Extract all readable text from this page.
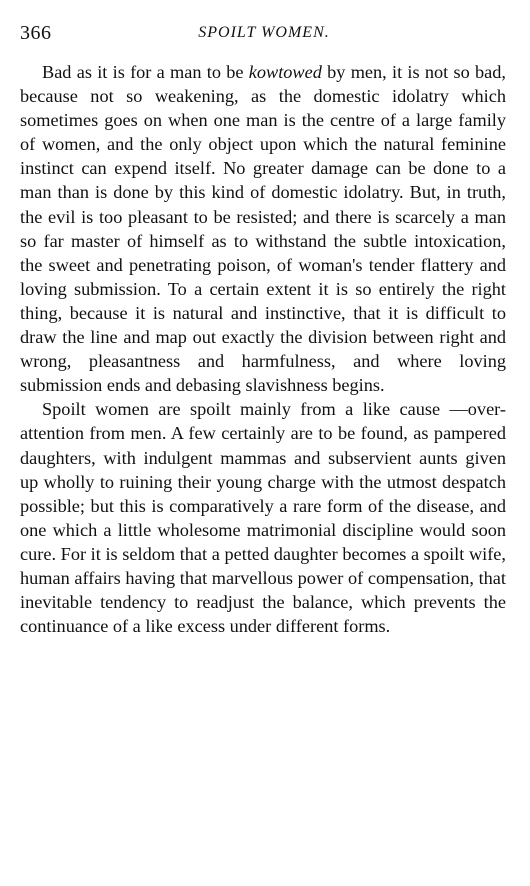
366	SPOILT WOMEN.

Bad as it is for a man to be kowtowed by men, it is not so bad, because not so weakening, as the domestic idolatry which sometimes goes on when one man is the centre of a large family of women, and the only object upon which the natural feminine instinct can expend itself. No greater damage can be done to a man than is done by this kind of domestic idolatry. But, in truth, the evil is too pleasant to be resisted; and there is scarcely a man so far master of himself as to withstand the subtle intoxication, the sweet and penetrating poison, of woman's tender flattery and loving submission. To a certain extent it is so entirely the right thing, because it is natural and instinctive, that it is difficult to draw the line and map out exactly the division between right and wrong, pleasantness and harmfulness, and where loving submission ends and debasing slavishness begins.

Spoilt women are spoilt mainly from a like cause —over-attention from men. A few certainly are to be found, as pampered daughters, with indulgent mammas and subservient aunts given up wholly to ruining their young charge with the utmost despatch possible; but this is comparatively a rare form of the disease, and one which a little wholesome matrimonial discipline would soon cure. For it is seldom that a petted daughter becomes a spoilt wife, human affairs having that marvellous power of compensation, that inevitable tendency to readjust the balance, which prevents the continuance of a like excess under different forms.
